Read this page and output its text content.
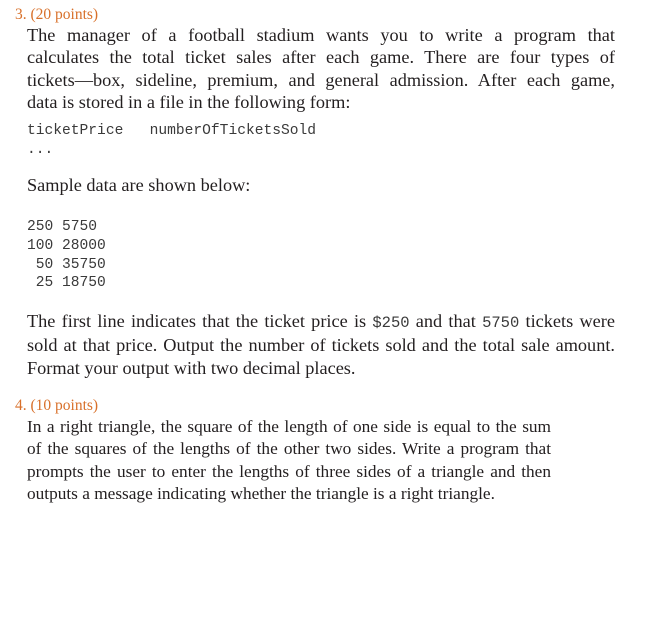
3. (20 points)
The manager of a football stadium wants you to write a program that
calculates the total ticket sales after each game. There are four types of
tickets—box, sideline, premium, and general admission. After each game,
data is stored in a file in the following form:
ticketPrice numberOfTicketsSold
...
Sample data are shown below:
250 5750
100 28000
50 35750
25 18750
The first line indicates that the ticket price is $250 and that 5750 tickets were
sold at that price. Output the number of tickets sold and the total sale amount.
Format your output with two decimal places.
4. (10 points)
In a right triangle, the square of the length of one side is equal to the sum
of the squares of the lengths of the other two sides. Write a program that
prompts the user to enter the lengths of three sides of a triangle and then
outputs a message indicating whether the triangle is a right triangle.
